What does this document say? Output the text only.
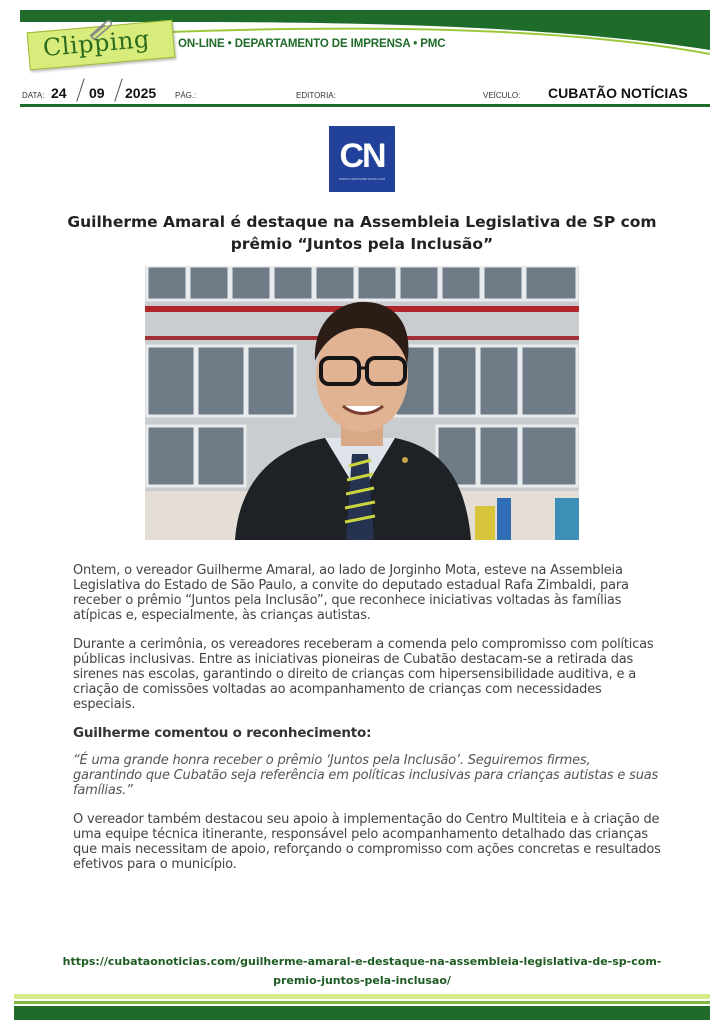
Clipping ON-LINE • DEPARTAMENTO DE IMPRENSA • PMC
DATA: 24 09 2025 PÁG.:	EDITORIA:	VEÍCULO: CUBATÃO NOTÍCIAS
CN
WWW.CUBATAONOTICIAS.COM
Guilherme Amaral é destaque na Assembleia Legislativa de SP com
prêmio “Juntos pela Inclusão”

Ontem, o vereador Guilherme Amaral, ao lado de Jorginho Mota, esteve na Assembleia Legislativa do Estado de São Paulo, a convite do deputado estadual Rafa Zimbaldi, para receber o prêmio “Juntos pela Inclusão”, que reconhece iniciativas voltadas às famílias atípicas e, especialmente, às crianças autistas.

Durante a cerimônia, os vereadores receberam a comenda pelo compromisso com políticas públicas inclusivas. Entre as iniciativas pioneiras de Cubatão destacam-se a retirada das sirenes nas escolas, garantindo o direito de crianças com hipersensibilidade auditiva, e a criação de comissões voltadas ao acompanhamento de crianças com necessidades especiais.

Guilherme comentou o reconhecimento:

“É uma grande honra receber o prêmio ‘Juntos pela Inclusão’. Seguiremos firmes, garantindo que Cubatão seja referência em políticas inclusivas para crianças autistas e suas famílias.”

O vereador também destacou seu apoio à implementação do Centro Multiteia e à criação de uma equipe técnica itinerante, responsável pelo acompanhamento detalhado das crianças que mais necessitam de apoio, reforçando o compromisso com ações concretas e resultados efetivos para o município.

https://cubataonoticias.com/guilherme-amaral-e-destaque-na-assembleia-legislativa-de-sp-com-
premio-juntos-pela-inclusao/
